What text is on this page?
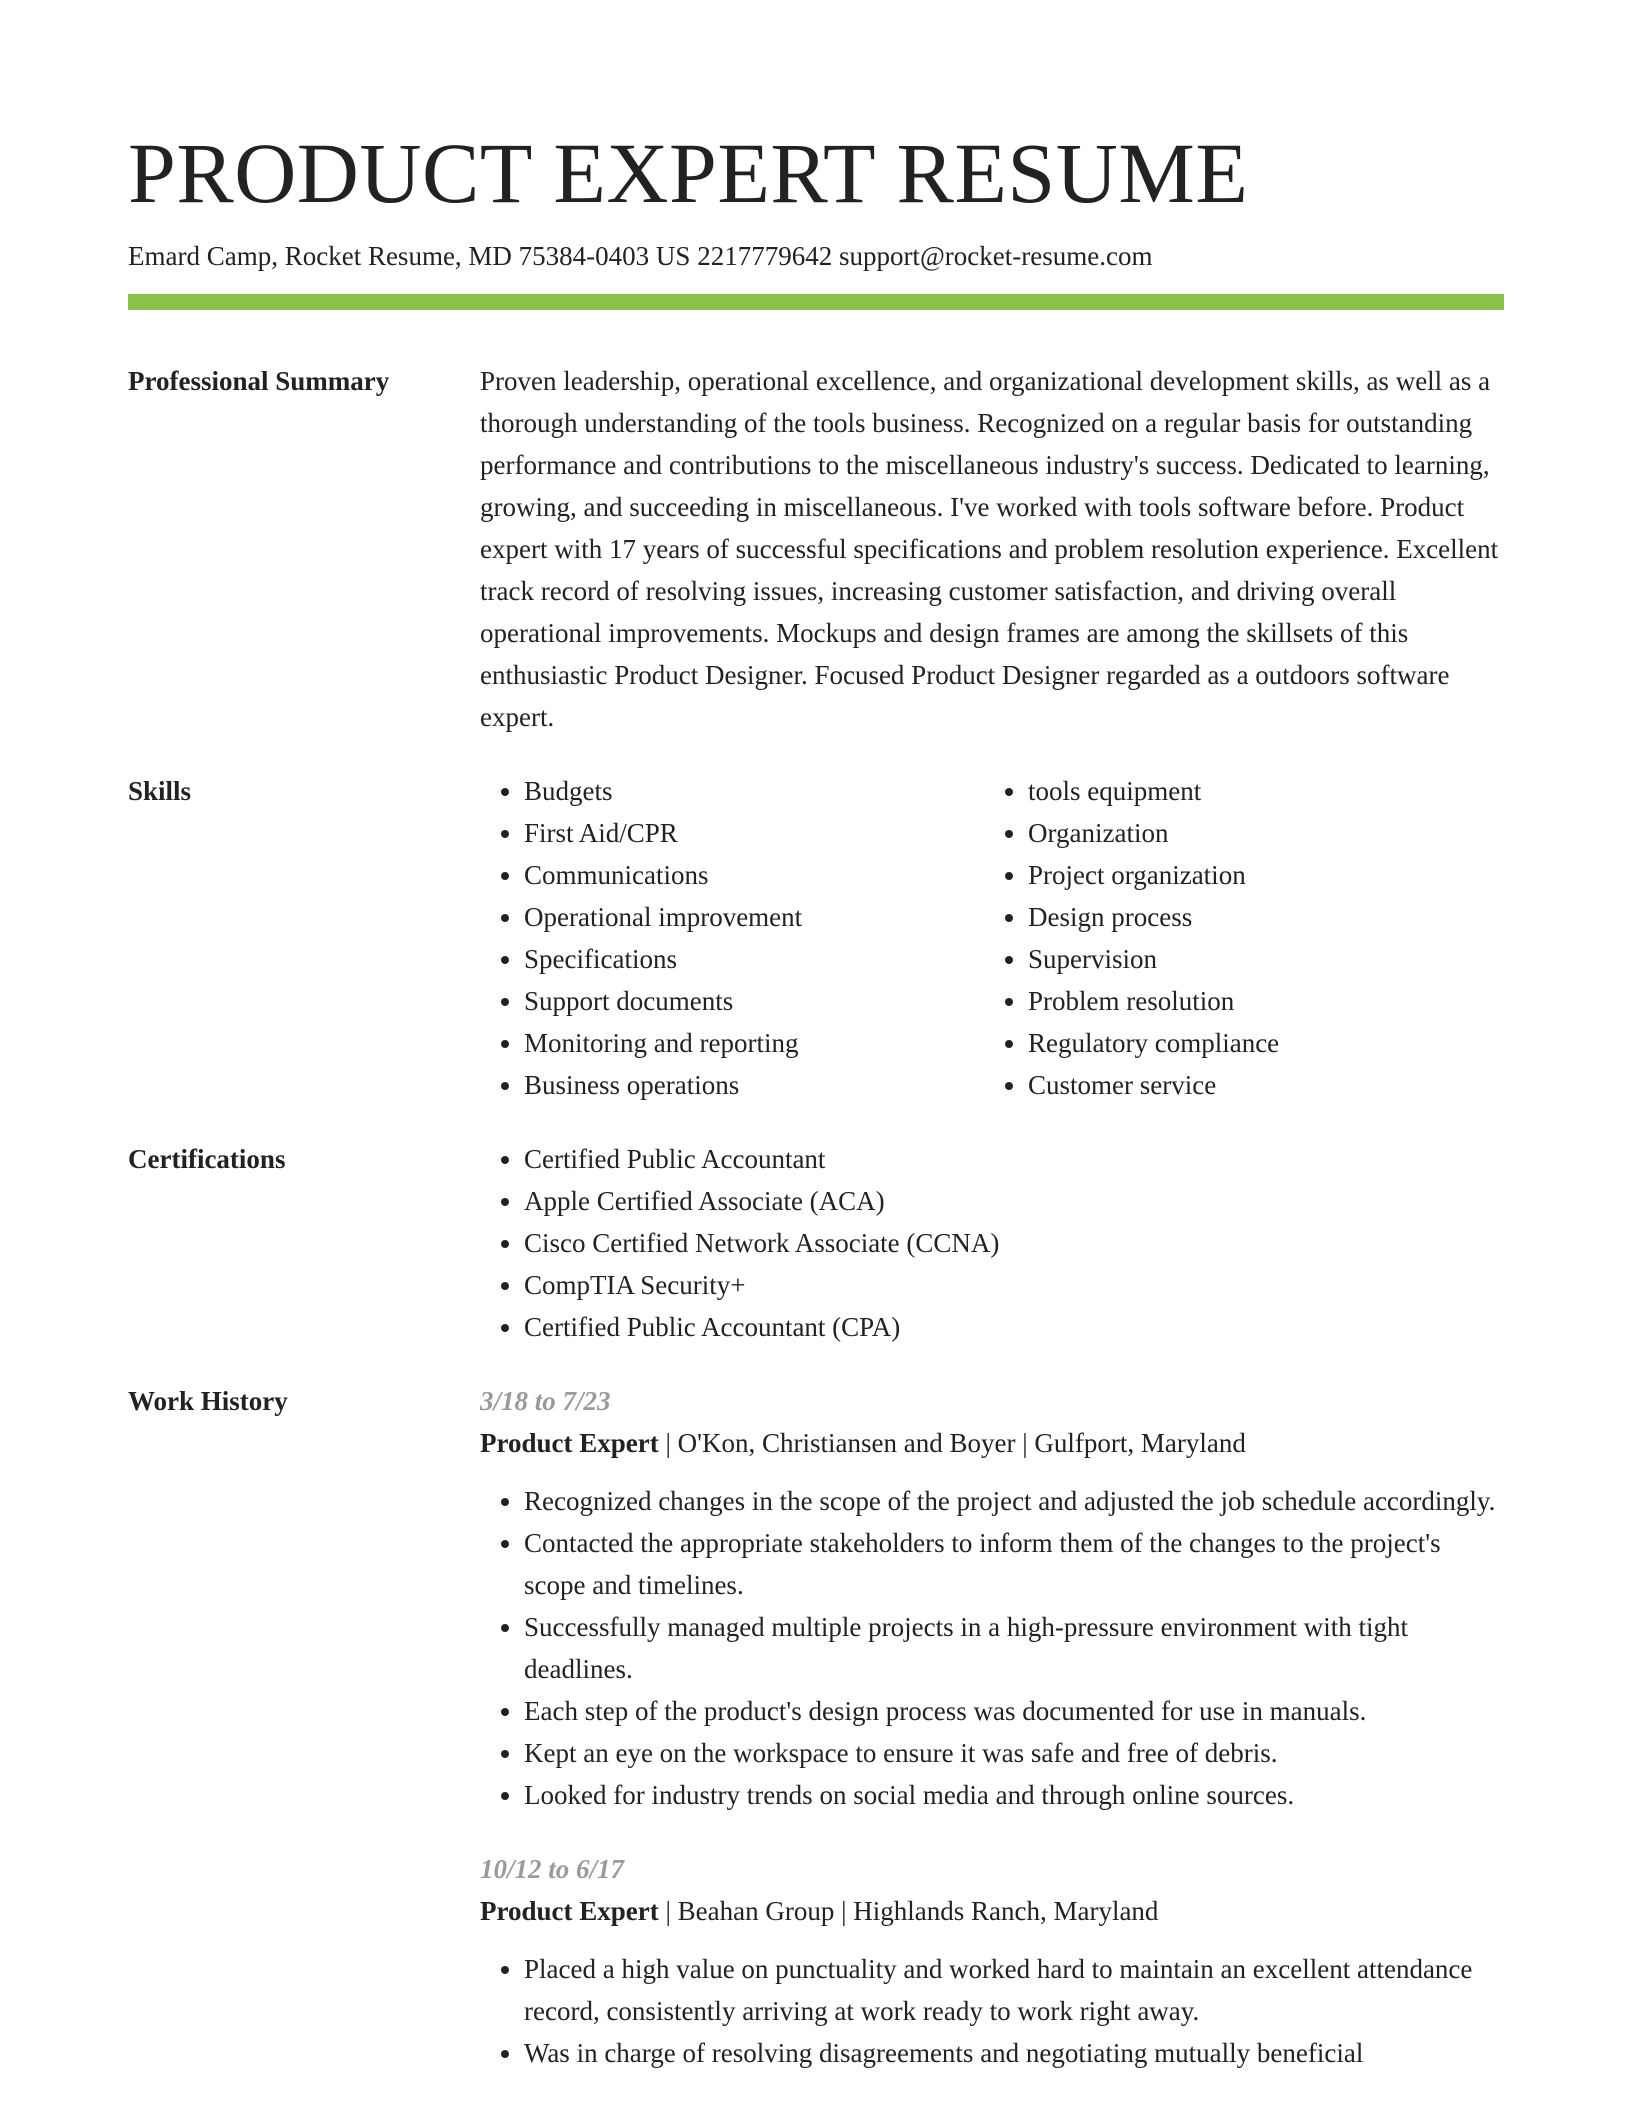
PRODUCT EXPERT RESUME
Emard Camp, Rocket Resume, MD 75384-0403 US 2217779642 support@rocket-resume.com
Professional Summary	Proven leadership, operational excellence, and organizational development skills, as well as a thorough understanding of the tools business. Recognized on a regular basis for outstanding performance and contributions to the miscellaneous industry's success. Dedicated to learning, growing, and succeeding in miscellaneous. I've worked with tools software before. Product expert with 17 years of successful specifications and problem resolution experience. Excellent track record of resolving issues, increasing customer satisfaction, and driving overall operational improvements. Mockups and design frames are among the skillsets of this enthusiastic Product Designer. Focused Product Designer regarded as a outdoors software expert.

Skills	• Budgets
• First Aid/CPR
• Communications
• Operational improvement
• Specifications
• Support documents
• Monitoring and reporting
• Business operations
• tools equipment
• Organization
• Project organization
• Design process
• Supervision
• Problem resolution
• Regulatory compliance
• Customer service
Certifications	• Certified Public Accountant
• Apple Certified Associate (ACA)
• Cisco Certified Network Associate (CCNA)
• CompTIA Security+
• Certified Public Accountant (CPA)
Work History	3/18 to 7/23
Product Expert | O'Kon, Christiansen and Boyer | Gulfport, Maryland
• Recognized changes in the scope of the project and adjusted the job schedule accordingly.
• Contacted the appropriate stakeholders to inform them of the changes to the project's scope and timelines.
• Successfully managed multiple projects in a high-pressure environment with tight deadlines.
• Each step of the product's design process was documented for use in manuals.
• Kept an eye on the workspace to ensure it was safe and free of debris.
• Looked for industry trends on social media and through online sources.
10/12 to 6/17
Product Expert | Beahan Group | Highlands Ranch, Maryland
• Placed a high value on punctuality and worked hard to maintain an excellent attendance record, consistently arriving at work ready to work right away.
• Was in charge of resolving disagreements and negotiating mutually beneficial
